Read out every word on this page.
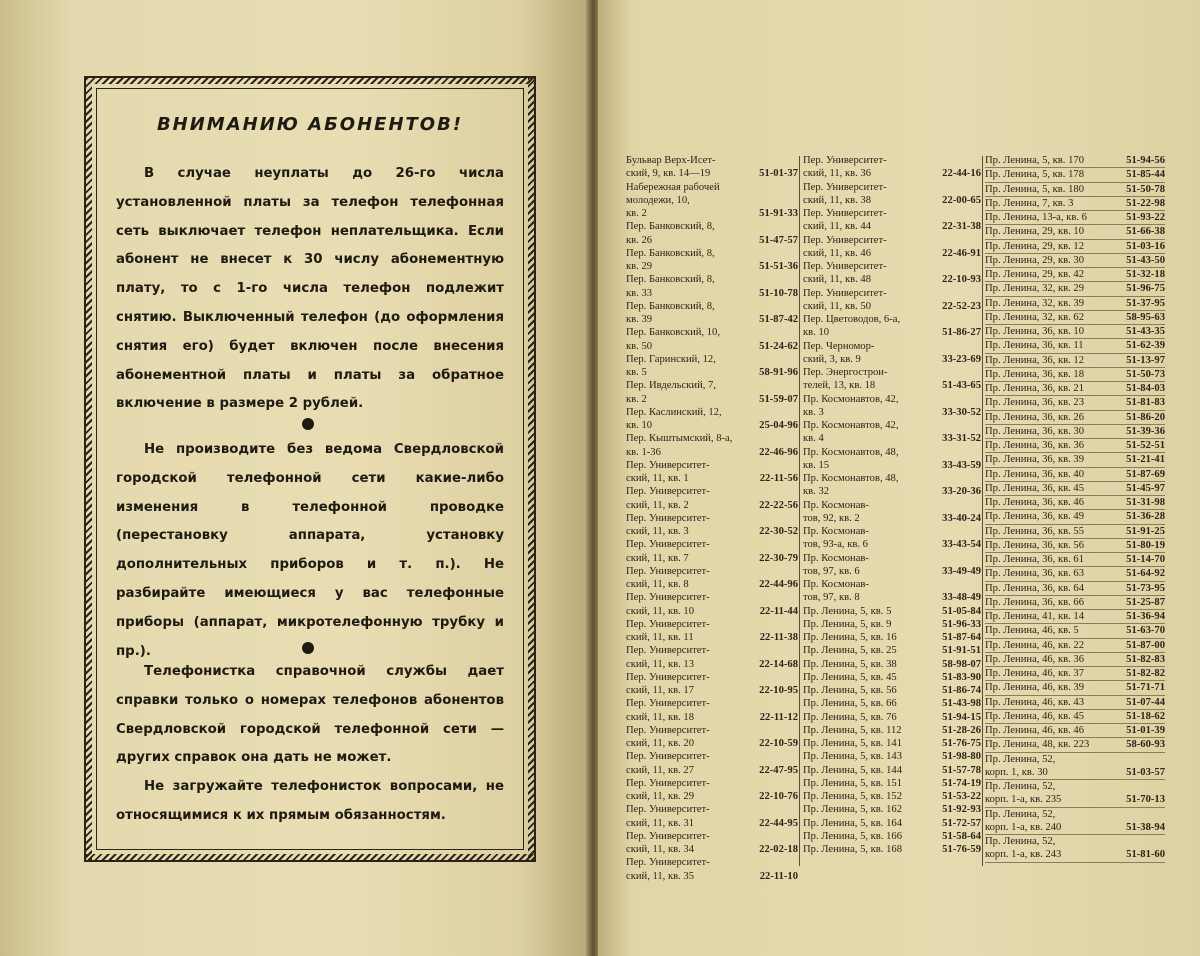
ВНИМАНИЮ АБОНЕНТОВ!
В случае неуплаты до 26-го числа установленной платы за телефон телефонная сеть выключает телефон неплательщика. Если абонент не внесет к 30 числу абонементную плату, то с 1-го числа телефон подлежит снятию. Выключенный телефон (до оформления снятия его) будет включен после внесения абонементной платы и платы за обратное включение в размере 2 рублей.
Не производите без ведома Свердловской городской телефонной сети какие-либо изменения в телефонной проводке (перестановку аппарата, установку дополнительных приборов и т. п.). Не разбирайте имеющиеся у вас телефонные приборы (аппарат, микротелефонную трубку и пр.).
Телефонистка справочной службы дает справки только о номерах телефонов абонентов Свердловской городской телефонной сети — других справок она дать не может.
Не загружайте телефонисток вопросами, не относящимися к их прямым обязанностям.
Бульвар Верх-Исет-
ский, 9, кв. 14—19	51-01-37
Набережная рабочей
молодежи, 10,
кв. 2	51-91-33
Пер. Банковский, 8,
кв. 26	51-47-57
Пер. Банковский, 8,
кв. 29	51-51-36
Пер. Банковский, 8,
кв. 33	51-10-78
Пер. Банковский, 8,
кв. 39	51-87-42
Пер. Банковский, 10,
кв. 50	51-24-62
Пер. Гаринский, 12,
кв. 5	58-91-96
Пер. Ивдельский, 7,
кв. 2	51-59-07
Пер. Каслинский, 12,
кв. 10	25-04-96
Пер. Кыштымский, 8-а,
кв. 1-36	22-46-96
Пер. Университет-
ский, 11, кв. 1	22-11-56
Пер. Университет-
ский, 11, кв. 2	22-22-56
Пер. Университет-
ский, 11, кв. 3	22-30-52
Пер. Университет-
ский, 11, кв. 7	22-30-79
Пер. Университет-
ский, 11, кв. 8	22-44-96
Пер. Университет-
ский, 11, кв. 10	22-11-44
Пер. Университет-
ский, 11, кв. 11	22-11-38
Пер. Университет-
ский, 11, кв. 13	22-14-68
Пер. Университет-
ский, 11, кв. 17	22-10-95
Пер. Университет-
ский, 11, кв. 18	22-11-12
Пер. Университет-
ский, 11, кв. 20	22-10-59
Пер. Университет-
ский, 11, кв. 27	22-47-95
Пер. Университет-
ский, 11, кв. 29	22-10-76
Пер. Университет-
ский, 11, кв. 31	22-44-95
Пер. Университет-
ский, 11, кв. 34	22-02-18
Пер. Университет-
ский, 11, кв. 35	22-11-10
Пер. Университет-
ский, 11, кв. 36	22-44-16
Пер. Университет-
ский, 11, кв. 38	22-00-65
Пер. Университет-
ский, 11, кв. 44	22-31-38
Пер. Университет-
ский, 11, кв. 46	22-46-91
Пер. Университет-
ский, 11, кв. 48	22-10-93
Пер. Университет-
ский, 11, кв. 50	22-52-23
Пер. Цветоводов, 6-а,
кв. 10	51-86-27
Пер. Черномор-
ский, 3, кв. 9	33-23-69
Пер. Энергострои-
телей, 13, кв. 18	51-43-65
Пр. Космонавтов, 42,
кв. 3	33-30-52
Пр. Космонавтов, 42,
кв. 4	33-31-52
Пр. Космонавтов, 48,
кв. 15	33-43-59
Пр. Космонавтов, 48,
кв. 32	33-20-36
Пр. Космонав-
тов, 92, кв. 2	33-40-24
Пр. Космонав-
тов, 93-а, кв. 6	33-43-54
Пр. Космонав-
тов, 97, кв. 6	33-49-49
Пр. Космонав-
тов, 97, кв. 8	33-48-49
Пр. Ленина, 5, кв. 5	51-05-84
Пр. Ленина, 5, кв. 9	51-96-33
Пр. Ленина, 5, кв. 16	51-87-64
Пр. Ленина, 5, кв. 25	51-91-51
Пр. Ленина, 5, кв. 38	58-98-07
Пр. Ленина, 5, кв. 45	51-83-90
Пр. Ленина, 5, кв. 56	51-86-74
Пр. Ленина, 5, кв. 66	51-43-98
Пр. Ленина, 5, кв. 76	51-94-15
Пр. Ленина, 5, кв. 112	51-28-26
Пр. Ленина, 5, кв. 141	51-76-75
Пр. Ленина, 5, кв. 143	51-98-80
Пр. Ленина, 5, кв. 144	51-57-78
Пр. Ленина, 5, кв. 151	51-74-19
Пр. Ленина, 5, кв. 152	51-53-22
Пр. Ленина, 5, кв. 162	51-92-93
Пр. Ленина, 5, кв. 164	51-72-57
Пр. Ленина, 5, кв. 166	51-58-64
Пр. Ленина, 5, кв. 168	51-76-59
Пр. Ленина, 5, кв. 170	51-94-56
Пр. Ленина, 5, кв. 178	51-85-44
Пр. Ленина, 5, кв. 180	51-50-78
Пр. Ленина, 7, кв. 3	51-22-98
Пр. Ленина, 13-а, кв. 6	51-93-22
Пр. Ленина, 29, кв. 10	51-66-38
Пр. Ленина, 29, кв. 12	51-03-16
Пр. Ленина, 29, кв. 30	51-43-50
Пр. Ленина, 29, кв. 42	51-32-18
Пр. Ленина, 32, кв. 29	51-96-75
Пр. Ленина, 32, кв. 39	51-37-95
Пр. Ленина, 32, кв. 62	58-95-63
Пр. Ленина, 36, кв. 10	51-43-35
Пр. Ленина, 36, кв. 11	51-62-39
Пр. Ленина, 36, кв. 12	51-13-97
Пр. Ленина, 36, кв. 18	51-50-73
Пр. Ленина, 36, кв. 21	51-84-03
Пр. Ленина, 36, кв. 23	51-81-83
Пр. Ленина, 36, кв. 26	51-86-20
Пр. Ленина, 36, кв. 30	51-39-36
Пр. Ленина, 36, кв. 36	51-52-51
Пр. Ленина, 36, кв. 39	51-21-41
Пр. Ленина, 36, кв. 40	51-87-69
Пр. Ленина, 36, кв. 45	51-45-97
Пр. Ленина, 36, кв. 46	51-31-98
Пр. Ленина, 36, кв. 49	51-36-28
Пр. Ленина, 36, кв. 55	51-91-25
Пр. Ленина, 36, кв. 56	51-80-19
Пр. Ленина, 36, кв. 61	51-14-70
Пр. Ленина, 36, кв. 63	51-64-92
Пр. Ленина, 36, кв. 64	51-73-95
Пр. Ленина, 36, кв. 66	51-25-87
Пр. Ленина, 41, кв. 14	51-36-94
Пр. Ленина, 46, кв. 5	51-63-70
Пр. Ленина, 46, кв. 22	51-87-00
Пр. Ленина, 46, кв. 36	51-82-83
Пр. Ленина, 46, кв. 37	51-82-82
Пр. Ленина, 46, кв. 39	51-71-71
Пр. Ленина, 46, кв. 43	51-07-44
Пр. Ленина, 46, кв. 45	51-18-62
Пр. Ленина, 46, кв. 46	51-01-39
Пр. Ленина, 48, кв. 223	58-60-93
Пр. Ленина, 52,
корп. 1, кв. 30	51-03-57
Пр. Ленина, 52,
корп. 1-а, кв. 235	51-70-13
Пр. Ленина, 52,
корп. 1-а, кв. 240	51-38-94
Пр. Ленина, 52,
корп. 1-а, кв. 243	51-81-60
